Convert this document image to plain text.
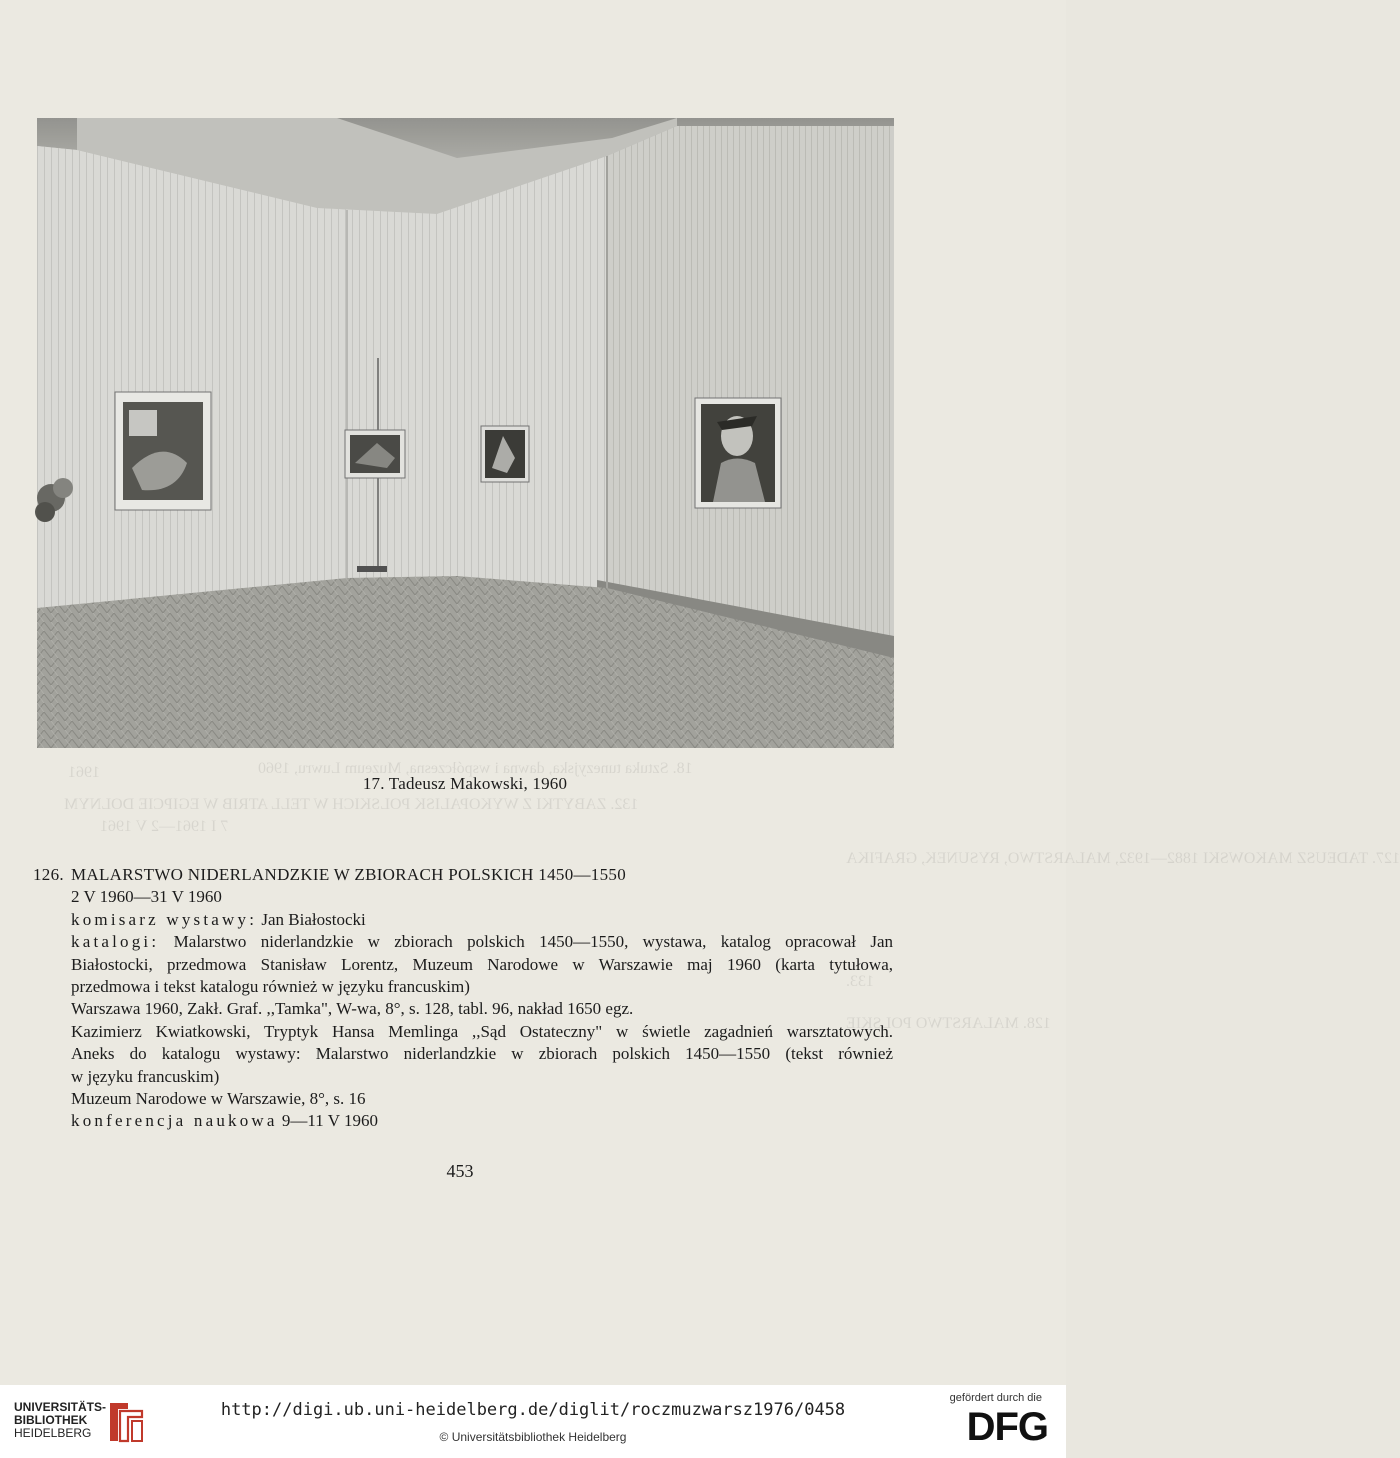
17. Tadeusz Makowski, 1960
1961	18. Sztuka tunezyjska, dawna i współczesna, Muzeum Luwru, 1960
132. ZABYTKI Z WYKOPALISK POLSKICH W TELL ATRIB W EGIPCIE DOLNYM
7 I 1961—2 V 1961
127. TADEUSZ MAKOWSKI 1882—1932, MALARSTWO, RYSUNEK, GRAFIKA
133.
128. MALARSTWO POLSKIE
126. MALARSTWO NIDERLANDZKIE W ZBIORACH POLSKICH 1450—1550
2 V 1960—31 V 1960
komisarz wystawy: Jan Białostocki
katalogi: Malarstwo niderlandzkie w zbiorach polskich 1450—1550, wystawa, katalog opracował Jan
Białostocki, przedmowa Stanisław Lorentz, Muzeum Narodowe w Warszawie maj 1960 (karta tytułowa,
przedmowa i tekst katalogu również w języku francuskim)
Warszawa 1960, Zakł. Graf. ,,Tamka", W-wa, 8°, s. 128, tabl. 96, nakład 1650 egz.
Kazimierz Kwiatkowski, Tryptyk Hansa Memlinga ,,Sąd Ostateczny" w świetle zagadnień warsztatowych.
Aneks do katalogu wystawy: Malarstwo niderlandzkie w zbiorach polskich 1450—1550 (tekst również
w języku francuskim)
Muzeum Narodowe w Warszawie, 8°, s. 16
konferencja naukowa 9—11 V 1960
453
UNIVERSITÄTS-
BIBLIOTHEK
HEIDELBERG
http://digi.ub.uni-heidelberg.de/diglit/roczmuzwarsz1976/0458
© Universitätsbibliothek Heidelberg
gefördert durch die
DFG
